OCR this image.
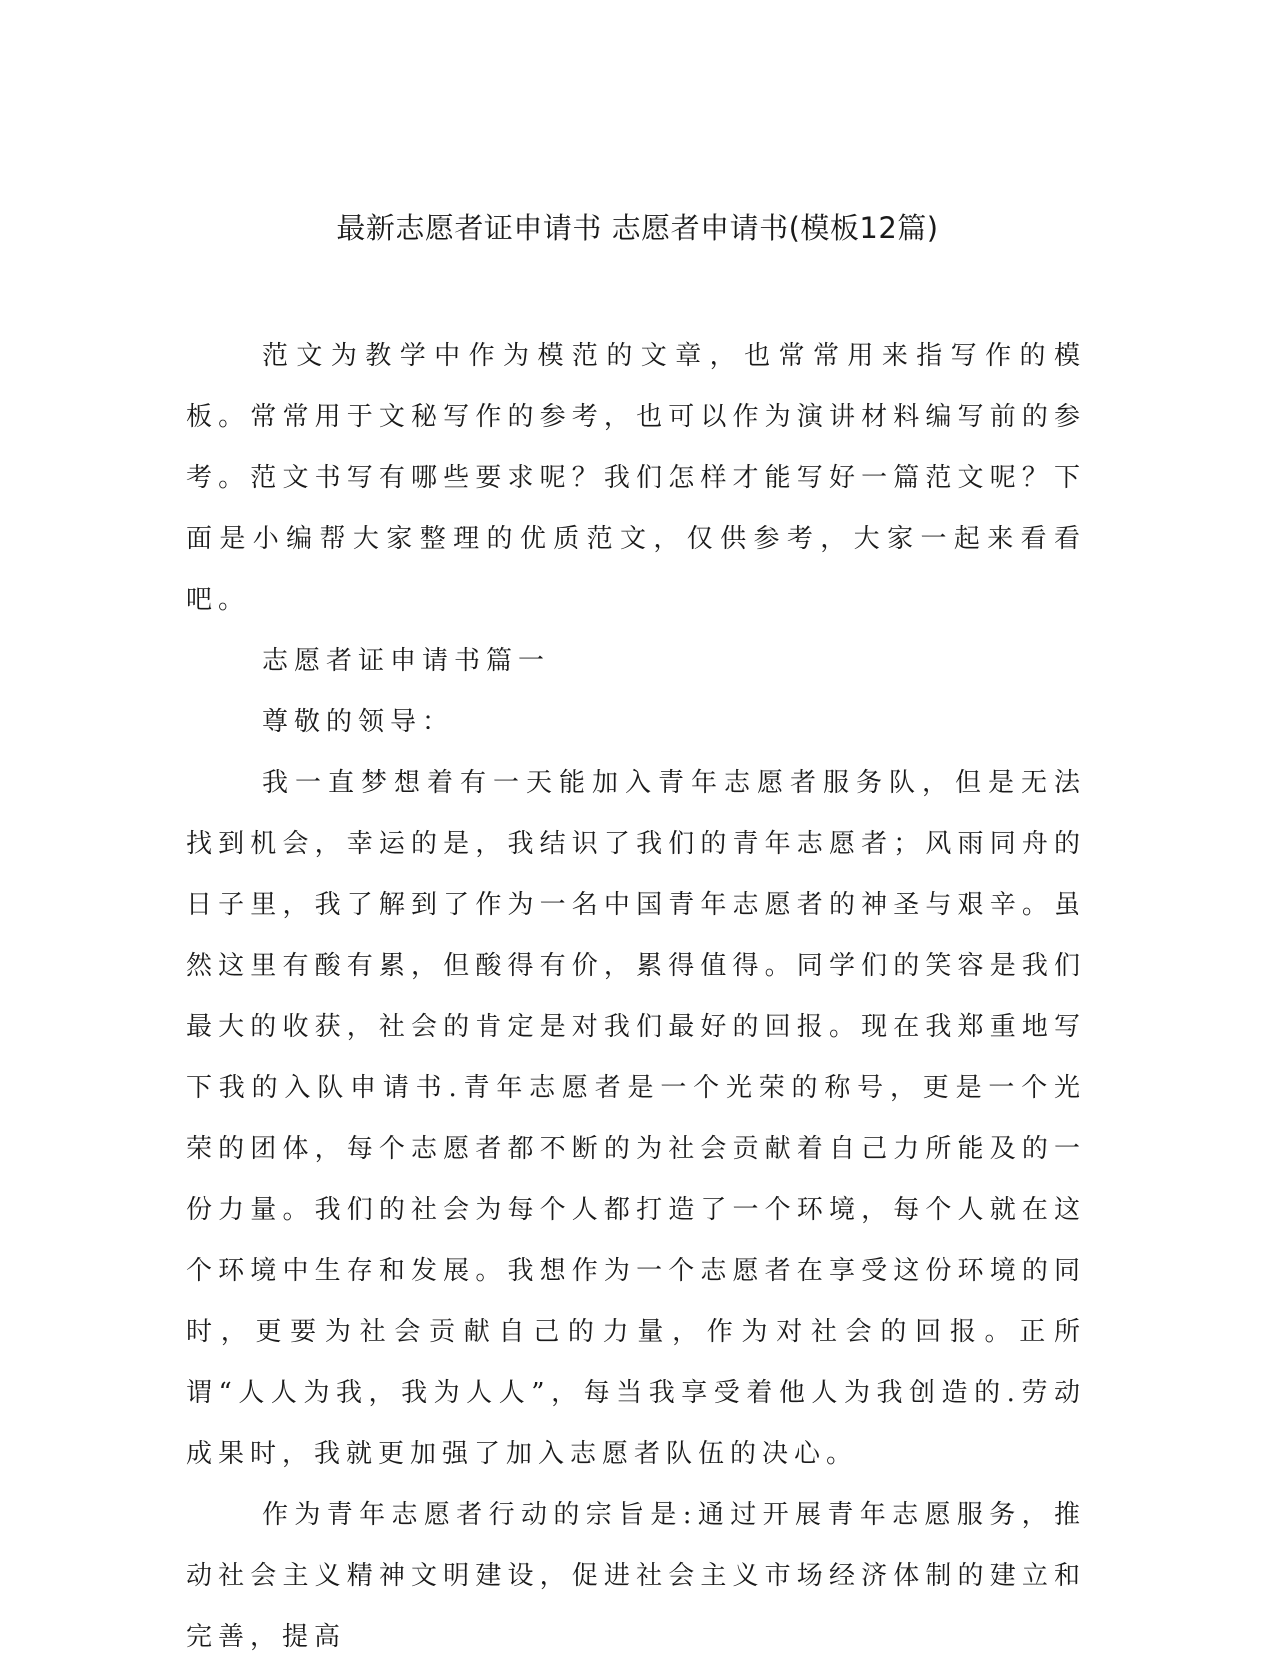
最新志愿者证申请书 志愿者申请书(模板12篇)

范文为教学中作为模范的文章，也常常用来指写作的模板。常常用于文秘写作的参考，也可以作为演讲材料编写前的参考。范文书写有哪些要求呢？我们怎样才能写好一篇范文呢？下面是小编帮大家整理的优质范文，仅供参考，大家一起来看看吧。

志愿者证申请书篇一

尊敬的领导：

我一直梦想着有一天能加入青年志愿者服务队，但是无法找到机会，幸运的是，我结识了我们的青年志愿者；风雨同舟的日子里，我了解到了作为一名中国青年志愿者的神圣与艰辛。虽然这里有酸有累，但酸得有价，累得值得。同学们的笑容是我们最大的收获，社会的肯定是对我们最好的回报。现在我郑重地写下我的入队申请书.青年志愿者是一个光荣的称号，更是一个光荣的团体，每个志愿者都不断的为社会贡献着自己力所能及的一份力量。我们的社会为每个人都打造了一个环境，每个人就在这个环境中生存和发展。我想作为一个志愿者在享受这份环境的同时，更要为社会贡献自己的力量，作为对社会的回报。正所谓“人人为我，我为人人”，每当我享受着他人为我创造的.劳动成果时，我就更加强了加入志愿者队伍的决心。

作为青年志愿者行动的宗旨是:通过开展青年志愿服务，推动社会主义精神文明建设，促进社会主义市场经济体制的建立和完善，提高
